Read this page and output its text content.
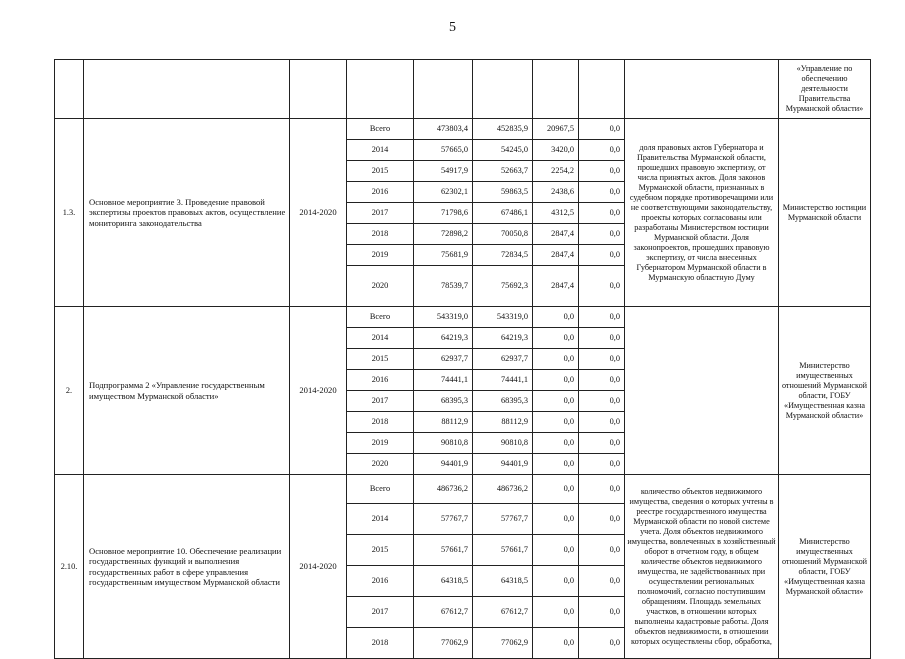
5
									«Управление по обеспечению деятельности Правительства Мурманской области»
1.3.	Основное мероприятие 3. Проведение правовой экспертизы проектов правовых актов, осуществление мониторинга законодательства	2014-2020	Всего	473803,4	452835,9	20967,5	0,0	доля правовых актов Губернатора и Правительства Мурманской области, прошедших правовую экспертизу, от числа принятых актов. Доля законов Мурманской области, признанных в судебном порядке противоречащими или не соответствующими законодательству, проекты которых согласованы или разработаны Министерством юстиции Мурманской области. Доля законопроектов, прошедших правовую экспертизу, от числа внесенных Губернатором Мурманской области в Мурманскую областную Думу	Министерство юстиции Мурманской области
			2014	57665,0	54245,0	3420,0	0,0		
			2015	54917,9	52663,7	2254,2	0,0		
			2016	62302,1	59863,5	2438,6	0,0		
			2017	71798,6	67486,1	4312,5	0,0		
			2018	72898,2	70050,8	2847,4	0,0		
			2019	75681,9	72834,5	2847,4	0,0		
			2020	78539,7	75692,3	2847,4	0,0		
2.	Подпрограмма 2 «Управление государственным имуществом Мурманской области»	2014-2020	Всего	543319,0	543319,0	0,0	0,0		Министерство имущественных отношений Мурманской области, ГОБУ «Имущественная казна Мурманской области»
			2014	64219,3	64219,3	0,0	0,0		
			2015	62937,7	62937,7	0,0	0,0		
			2016	74441,1	74441,1	0,0	0,0		
			2017	68395,3	68395,3	0,0	0,0		
			2018	88112,9	88112,9	0,0	0,0		
			2019	90810,8	90810,8	0,0	0,0		
			2020	94401,9	94401,9	0,0	0,0		
2.10.	Основное мероприятие 10. Обеспечение реализации государственных функций и выполнения государственных работ в сфере управления государственным имуществом Мурманской области	2014-2020	Всего	486736,2	486736,2	0,0	0,0	количество объектов недвижимого имущества, сведения о которых учтены в реестре государственного имущества Мурманской области по новой системе учета. Доля объектов недвижимого имущества, вовлеченных в хозяйственный оборот в отчетном году, в общем количестве объектов недвижимого имущества, не задействованных при осуществлении региональных полномочий, согласно поступившим обращениям. Площадь земельных участков, в отношении которых выполнены кадастровые работы. Доля объектов недвижимости, в отношении которых осуществлены сбор, обработка,	Министерство имущественных отношений Мурманской области, ГОБУ «Имущественная казна Мурманской области»
			2014	57767,7	57767,7	0,0	0,0		
			2015	57661,7	57661,7	0,0	0,0		
			2016	64318,5	64318,5	0,0	0,0		
			2017	67612,7	67612,7	0,0	0,0		
			2018	77062,9	77062,9	0,0	0,0		
